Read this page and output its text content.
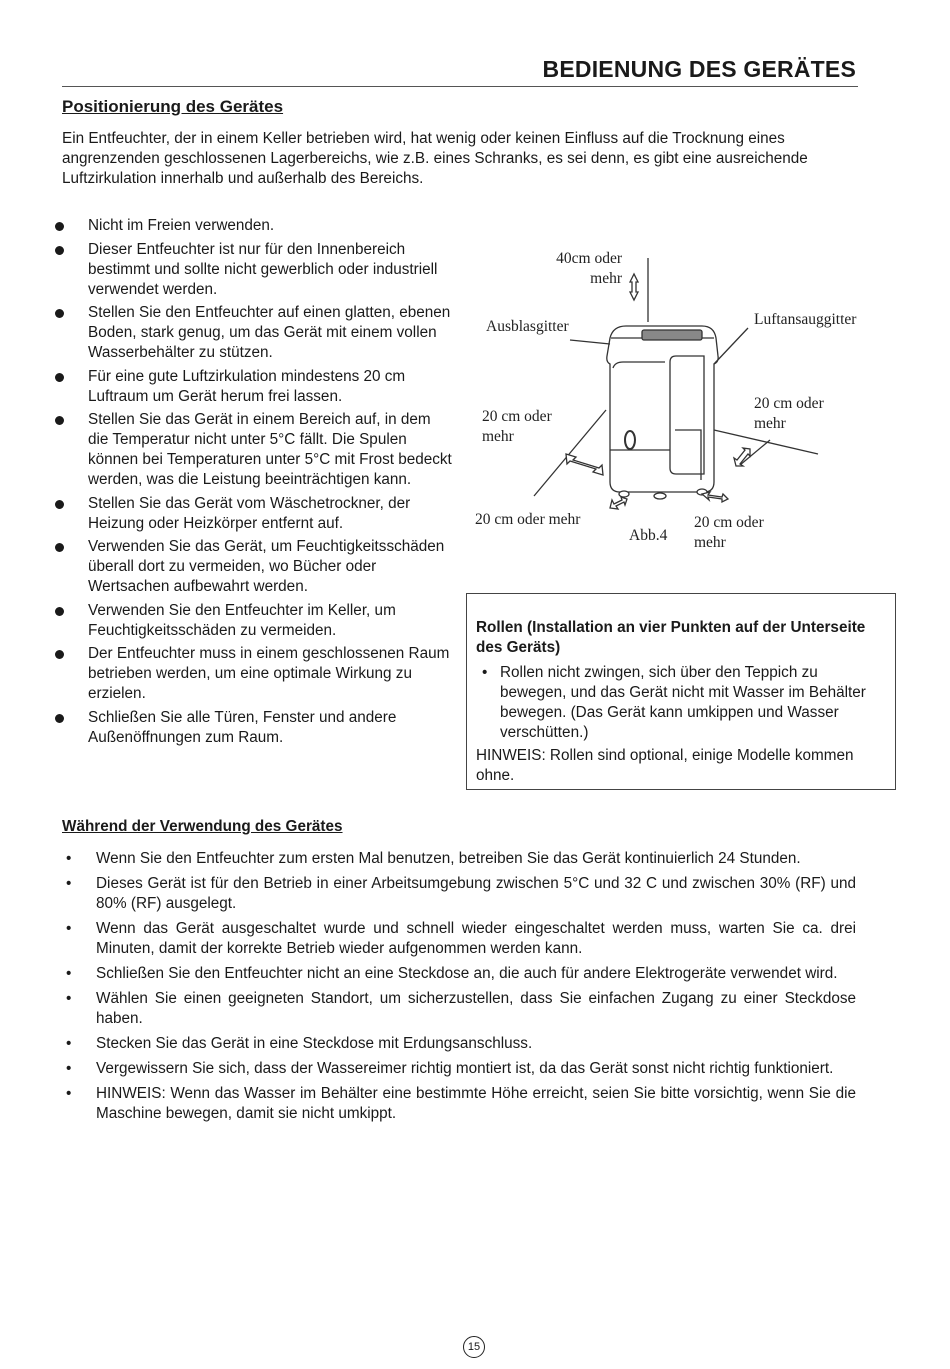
BEDIENUNG DES GERÄTES
Positionierung des Gerätes

Ein Entfeuchter, der in einem Keller betrieben wird, hat wenig oder keinen Einfluss auf die Trocknung eines angrenzenden geschlossenen Lagerbereichs, wie z.B. eines Schranks, es sei denn, es gibt eine ausreichende Luftzirkulation innerhalb und außerhalb des Bereichs.

Nicht im Freien verwenden.
Dieser Entfeuchter ist nur für den Innenbereich bestimmt und sollte nicht gewerblich oder industriell verwendet werden.
Stellen Sie den Entfeuchter auf einen glatten, ebenen Boden, stark genug, um das Gerät mit einem vollen Wasserbehälter zu stützen.
Für eine gute Luftzirkulation mindestens 20 cm Luftraum um Gerät herum frei lassen.
Stellen Sie das Gerät in einem Bereich auf, in dem die Temperatur nicht unter 5°C fällt. Die Spulen können bei Temperaturen unter 5°C mit Frost bedeckt werden, was die Leistung beeinträchtigen kann.
Stellen Sie das Gerät vom Wäschetrockner, der Heizung oder Heizkörper entfernt auf.
Verwenden Sie das Gerät, um Feuchtigkeitsschäden überall dort zu vermeiden, wo Bücher oder Wertsachen aufbewahrt werden.
Verwenden Sie den Entfeuchter im Keller, um Feuchtigkeitsschäden zu vermeiden.
Der Entfeuchter muss in einem geschlossenen Raum betrieben werden, um eine optimale Wirkung zu erzielen.
Schließen Sie alle Türen, Fenster und andere Außenöffnungen zum Raum.
40cm oder mehr
Ausblasgitter	Luftansauggitter
20 cm oder mehr
20 cm oder mehr
20 cm oder mehr
Abb.4
20 cm oder mehr
Rollen (Installation an vier Punkten auf der Unterseite des Geräts)
• Rollen nicht zwingen, sich über den Teppich zu bewegen, und das Gerät nicht mit Wasser im Behälter bewegen. (Das Gerät kann umkippen und Wasser verschütten.)

HINWEIS: Rollen sind optional, einige Modelle kommen ohne.

Während der Verwendung des Gerätes
• Wenn Sie den Entfeuchter zum ersten Mal benutzen, betreiben Sie das Gerät kontinuierlich 24 Stunden.
• Dieses Gerät ist für den Betrieb in einer Arbeitsumgebung zwischen 5°C und 32 C und zwischen 30% (RF) und 80% (RF) ausgelegt.
• Wenn das Gerät ausgeschaltet wurde und schnell wieder eingeschaltet werden muss, warten Sie ca. drei Minuten, damit der korrekte Betrieb wieder aufgenommen werden kann.
• Schließen Sie den Entfeuchter nicht an eine Steckdose an, die auch für andere Elektrogeräte verwendet wird.
• Wählen Sie einen geeigneten Standort, um sicherzustellen, dass Sie einfachen Zugang zu einer Steckdose haben.
• Stecken Sie das Gerät in eine Steckdose mit Erdungsanschluss.
• Vergewissern Sie sich, dass der Wassereimer richtig montiert ist, da das Gerät sonst nicht richtig funktioniert.
• HINWEIS: Wenn das Wasser im Behälter eine bestimmte Höhe erreicht, seien Sie bitte vorsichtig, wenn Sie die Maschine bewegen, damit sie nicht umkippt.
15
